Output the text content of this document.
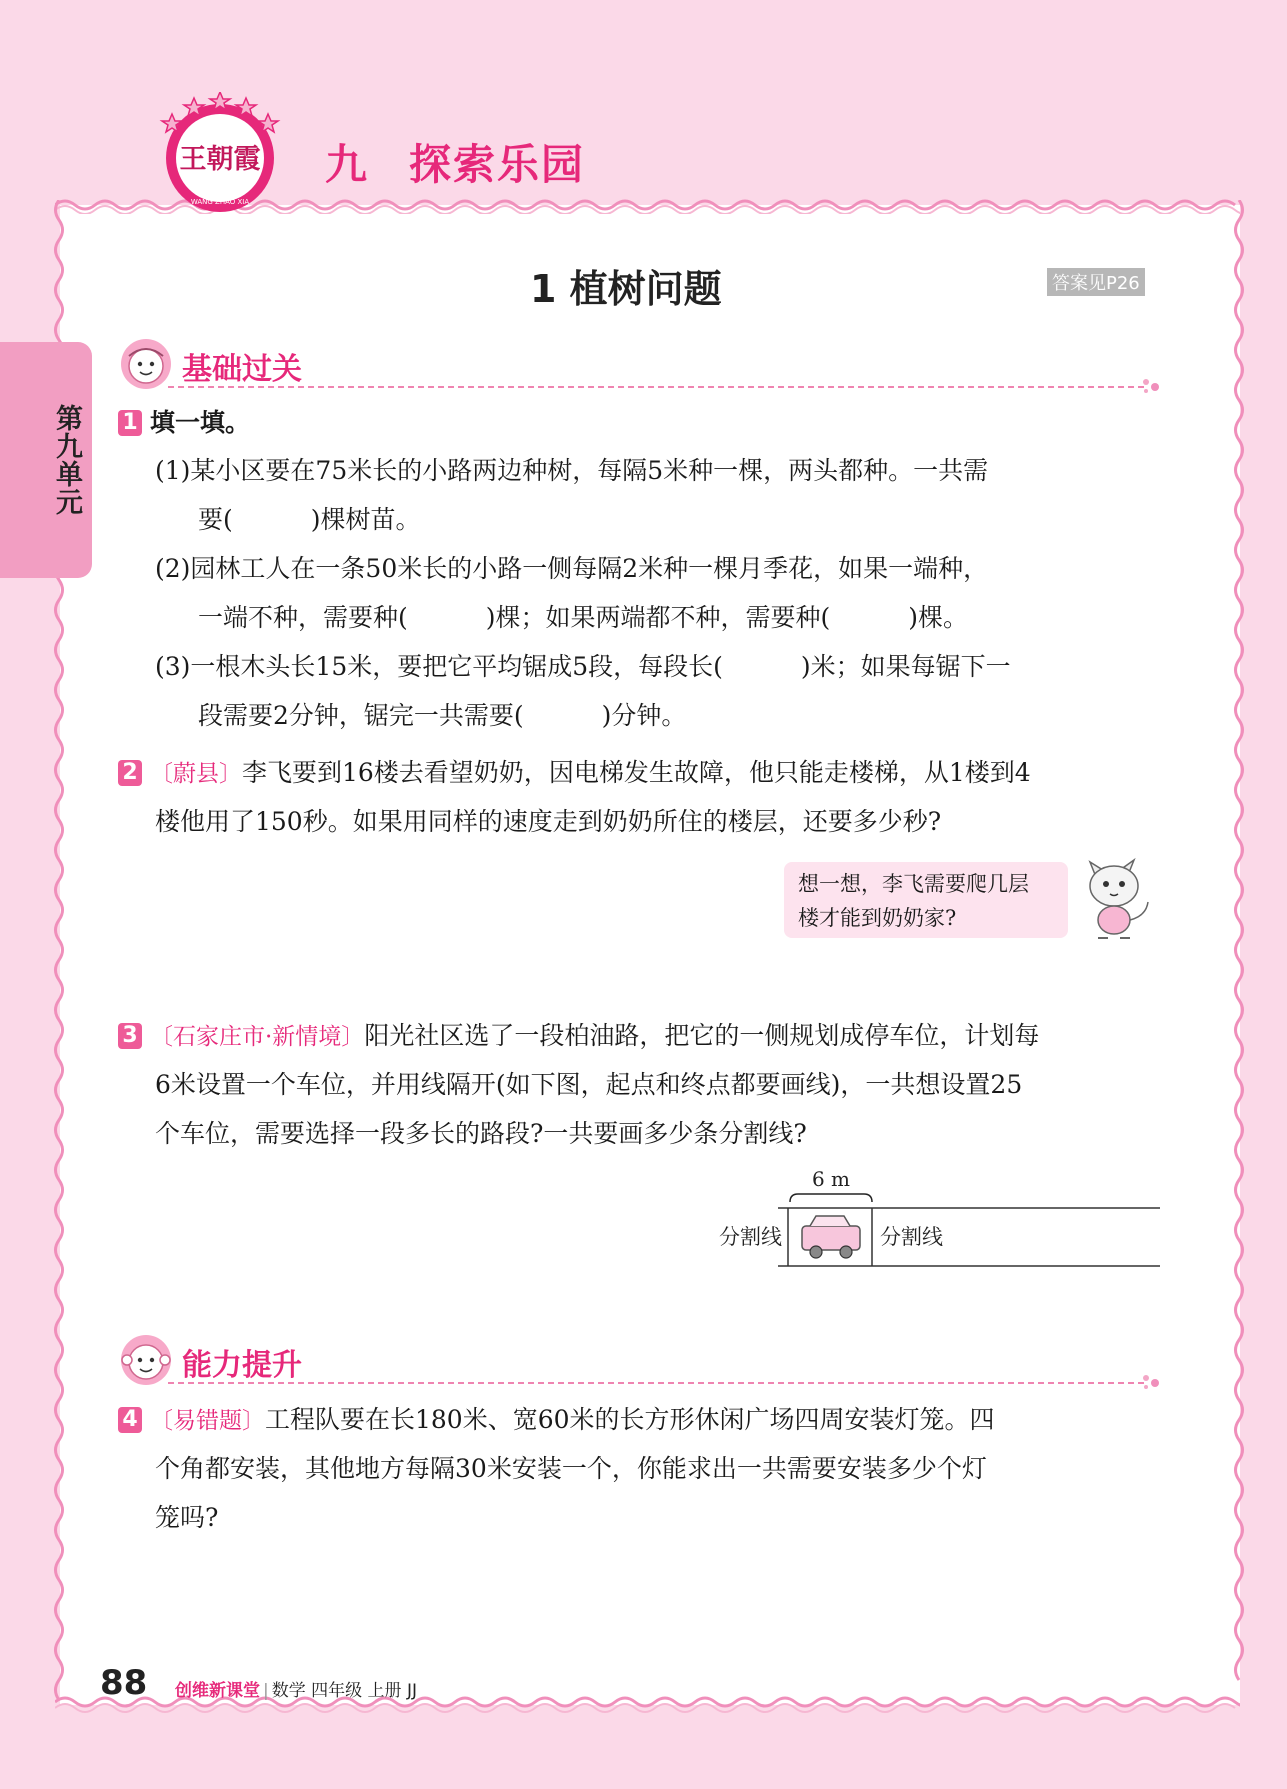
王朝霞
WANG ZHAO XIA
九 探索乐园
第九单元
1 植树问题	答案见P26
基础过关
1 填一填。
(1)某小区要在75米长的小路两边种树，每隔5米种一棵，两头都种。一共需
要(	)棵树苗。
(2)园林工人在一条50米长的小路一侧每隔2米种一棵月季花，如果一端种，
一端不种，需要种(	)棵；如果两端都不种，需要种(	)棵。
(3)一根木头长15米，要把它平均锯成5段，每段长(	)米；如果每锯下一
段需要2分钟，锯完一共需要(	)分钟。
2 〔蔚县〕李飞要到16楼去看望奶奶，因电梯发生故障，他只能走楼梯，从1楼到4
楼他用了150秒。如果用同样的速度走到奶奶所住的楼层，还要多少秒?
想一想，李飞需要爬几层
楼才能到奶奶家?
3 〔石家庄市·新情境〕阳光社区选了一段柏油路，把它的一侧规划成停车位，计划每
6米设置一个车位，并用线隔开(如下图，起点和终点都要画线)，一共想设置25
个车位，需要选择一段多长的路段?一共要画多少条分割线?
6 m
分割线	分割线
能力提升
4 〔易错题〕工程队要在长180米、宽60米的长方形休闲广场四周安装灯笼。四
个角都安装，其他地方每隔30米安装一个，你能求出一共需要安装多少个灯
笼吗?
88 创维新课堂 | 数学 四年级 上册 JJ
